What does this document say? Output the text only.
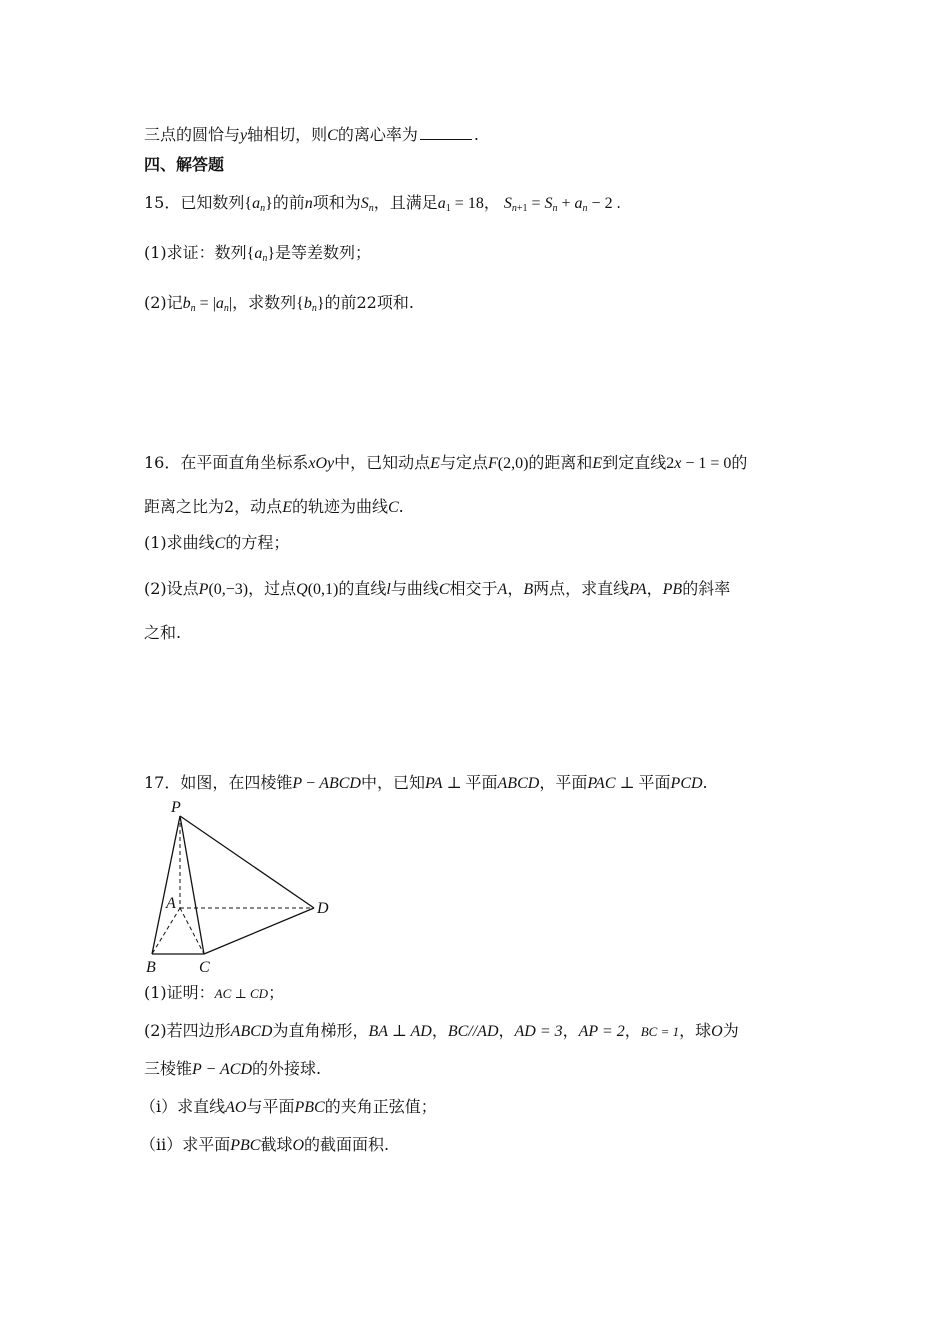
三点的圆恰与y轴相切，则C的离心率为	.
四、解答题
15．已知数列$\{a_n\}$的前n项和为$S_n$，且满足$a_1 = 18$， $S_{n+1} = S_n + a_n - 2$ .
(1)求证：数列$\{a_n\}$是等差数列；
(2)记$b_n = |a_n|$，求数列$\{b_n\}$的前22项和.
16．在平面直角坐标系xOy中，已知动点E与定点F(2,0)的距离和E到定直线2x − 1 = 0的
距离之比为2，动点E的轨迹为曲线C.
(1)求曲线C的方程；
(2)设点P(0,−3)，过点Q(0,1)的直线l与曲线C相交于A，B两点，求直线PA，PB的斜率
之和.
17．如图，在四棱锥P − ABCD中，已知PA ⊥ 平面ABCD，平面PAC ⊥ 平面PCD.
P
A
B	C
D
(1)证明：AC ⊥ CD；
(2)若四边形ABCD为直角梯形，BA ⊥ AD，BC//AD，AD = 3，AP = 2，BC = 1，球O为
三棱锥P − ACD的外接球.
（i）求直线AO与平面PBC的夹角正弦值；
（ii）求平面PBC截球O的截面面积.
